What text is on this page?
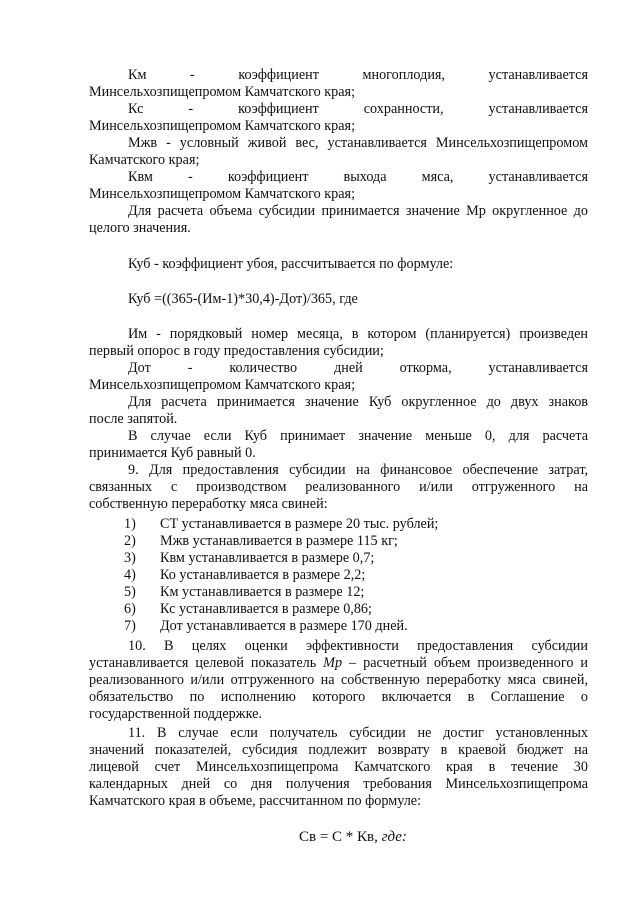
Км - коэффициент многоплодия, устанавливается
Минсельхозпищепромом Камчатского края;
Кс - коэффициент сохранности, устанавливается
Минсельхозпищепромом Камчатского края;
Мжв - условный живой вес, устанавливается Минсельхозпищепромом
Камчатского края;
Квм - коэффициент выхода мяса, устанавливается
Минсельхозпищепромом Камчатского края;
Для расчета объема субсидии принимается значение Мр округленное до
целого значения.
Куб - коэффициент убоя, рассчитывается по формуле:
Куб =((365-(Им-1)*30,4)-Дот)/365, где
Им - порядковый номер месяца, в котором (планируется) произведен
первый опорос в году предоставления субсидии;
Дот - количество дней откорма, устанавливается
Минсельхозпищепромом Камчатского края;
Для расчета принимается значение Куб округленное до двух знаков
после запятой.
В случае если Куб принимает значение меньше 0, для расчета
принимается Куб равный 0.
9. Для предоставления субсидии на финансовое обеспечение затрат,
связанных с производством реализованного и/или отгруженного на
собственную переработку мяса свиней:
1) СТ устанавливается в размере 20 тыс. рублей;
2) Мжв устанавливается в размере 115 кг;
3) Квм устанавливается в размере 0,7;
4) Ко устанавливается в размере 2,2;
5) Км устанавливается в размере 12;
6) Кс устанавливается в размере 0,86;
7) Дот устанавливается в размере 170 дней.
10. В целях оценки эффективности предоставления субсидии
устанавливается целевой показатель Мр – расчетный объем произведенного и
реализованного и/или отгруженного на собственную переработку мяса свиней,
обязательство по исполнению которого включается в Соглашение о
государственной поддержке.
11. В случае если получатель субсидии не достиг установленных
значений показателей, субсидия подлежит возврату в краевой бюджет на
лицевой счет Минсельхозпищепрома Камчатского края в течение 30
календарных дней со дня получения требования Минсельхозпищепрома
Камчатского края в объеме, рассчитанном по формуле:
Св = С * Кв, где:
